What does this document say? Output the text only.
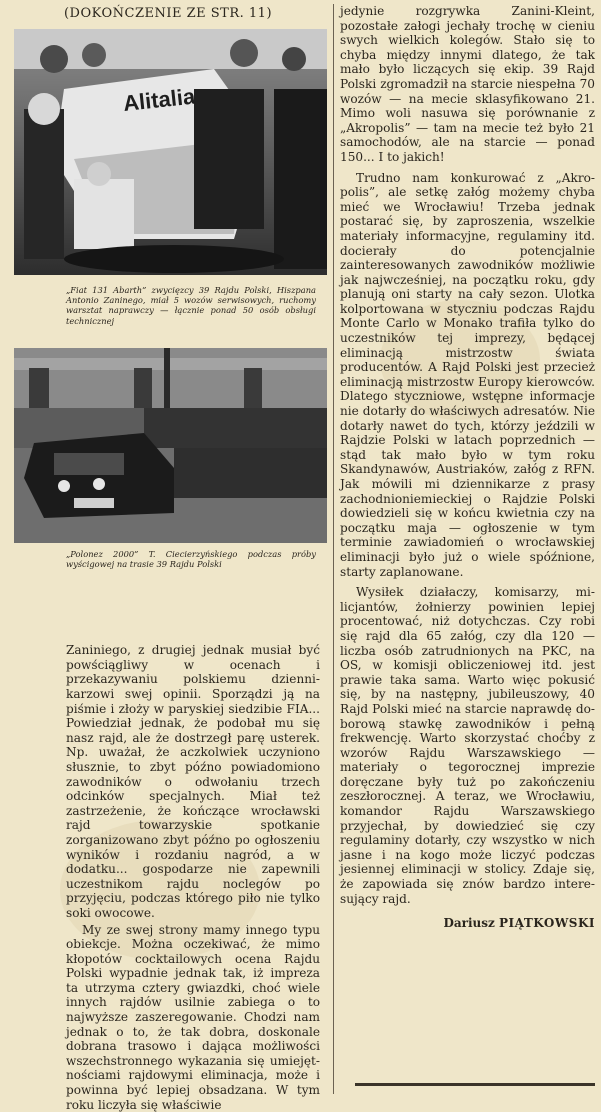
(DOKOŃCZENIE ZE STR. 11)
Alitalia
„Fiat 131 Abarth” zwycięzcy 39 Rajdu Polski, Hiszpana Antonio Zaninego, miał 5 wozów serwisowych, ruchomy warsztat naprawczy — łącznie ponad 50 osób obsługi technicznej
„Polonez 2000” T. Ciecierzyńskiego podczas próby wyścigowej na trasie 39 Rajdu Polski

Zaniniego, z drugiej jednak musiał być powściągliwy w ocenach i przekazywaniu polskiemu dziennikarzowi swej opinii. Sporządzi ją na piśmie i złoży w paryskiej siedzibie FIA... Powiedział jednak, że podobał mu się nasz rajd, ale że dostrzegł parę usterek. Np. uważał, że aczkolwiek uczyniono słusznie, to zbyt późno powiadomiono zawodników o odwołaniu trzech odcinków specjalnych. Miał też zastrzeżenie, że kończące wrocławski rajd towarzyskie spotkanie zorganizowano zbyt późno po ogłoszeniu wyników i rozdaniu nagród, a w dodatku... gospodarze nie zapewnili uczestnikom rajdu noclegów po przyjęciu, podczas którego piło nie tylko soki owocowe.

My ze swej strony mamy innego typu obiekcje. Można oczekiwać, że mimo kłopotów cocktailowych ocena Rajdu Polski wypadnie jednak tak, iż impreza ta utrzyma cztery gwiazdki, choć wiele innych rajdów usilnie zabiega o to najwyższe zaszeregowanie. Chodzi nam jednak o to, że tak dobra, doskonale dobrana trasowo i dająca możliwości wszechstronnego wykazania się umiejętnościami rajdowymi eliminacja, może i powinna być lepiej obsadzana. W tym roku liczyła się właściwie

jedynie rozgrywka Zanini-Kleint, pozostałe załogi jechały trochę w cieniu swych wielkich kolegów. Stało się to chyba między innymi dlatego, że tak mało było liczących się ekip. 39 Rajd Polski zgromadził na starcie niespełna 70 wozów — na mecie sklasyfikowano 21. Mimo woli nasuwa się porównanie z „Akropolis” — tam na mecie też było 21 samochodów, ale na starcie — ponad 150... I to jakich!

Trudno nam konkurować z „Akropolis”, ale setkę załóg możemy chyba mieć we Wrocławiu! Trzeba jednak postarać się, by zaproszenia, wszelkie materiały informacyjne, regulaminy itd. docierały do potencjalnie zainteresowanych zawodników możliwie jak najwcześniej, na początku roku, gdy planują oni starty na cały sezon. Ulotka kolportowana w styczniu podczas Rajdu Monte Carlo w Monako trafiła tylko do uczestników tej imprezy, będącej eliminacją mistrzostw świata producentów. A Rajd Polski jest przecież eliminacją mistrzostw Europy kierowców. Dlatego styczniowe, wstępne informacje nie dotarły do właściwych adresatów. Nie dotarły nawet do tych, którzy jeździli w Rajdzie Polski w latach poprzednich — stąd tak mało było w tym roku Skandynawów, Austriaków, załóg z RFN. Jak mówili mi dziennikarze z prasy zachodnioniemieckiej o Rajdzie Polski dowiedzieli się w końcu kwietnia czy na początku maja — ogłoszenie w tym terminie zawiadomień o wrocławskiej eliminacji było już o wiele spóźnione, starty zaplanowane.

Wysiłek działaczy, komisarzy, milicjantów, żołnierzy powinien lepiej procentować, niż dotychczas. Czy robi się rajd dla 65 załóg, czy dla 120 — liczba osób zatrudnionych na PKC, na OS, w komisji obliczeniowej itd. jest prawie taka sama. Warto więc pokusić się, by na następny, jubileuszowy, 40 Rajd Polski mieć na starcie naprawdę doborową stawkę zawodników i pełną frekwencję. Warto skorzystać choćby z wzorów Rajdu Warszawskiego — materiały o tegorocznej imprezie doręczane były tuż po zakończeniu zeszłorocznej. A teraz, we Wrocławiu, komandor Rajdu Warszawskiego przyjechał, by dowiedzieć się czy regulaminy dotarły, czy wszystko w nich jasne i na kogo może liczyć podczas jesiennej eliminacji w stolicy. Zdaje się, że zapowiada się znów bardzo interesujący rajd.

Dariusz PIĄTKOWSKI
